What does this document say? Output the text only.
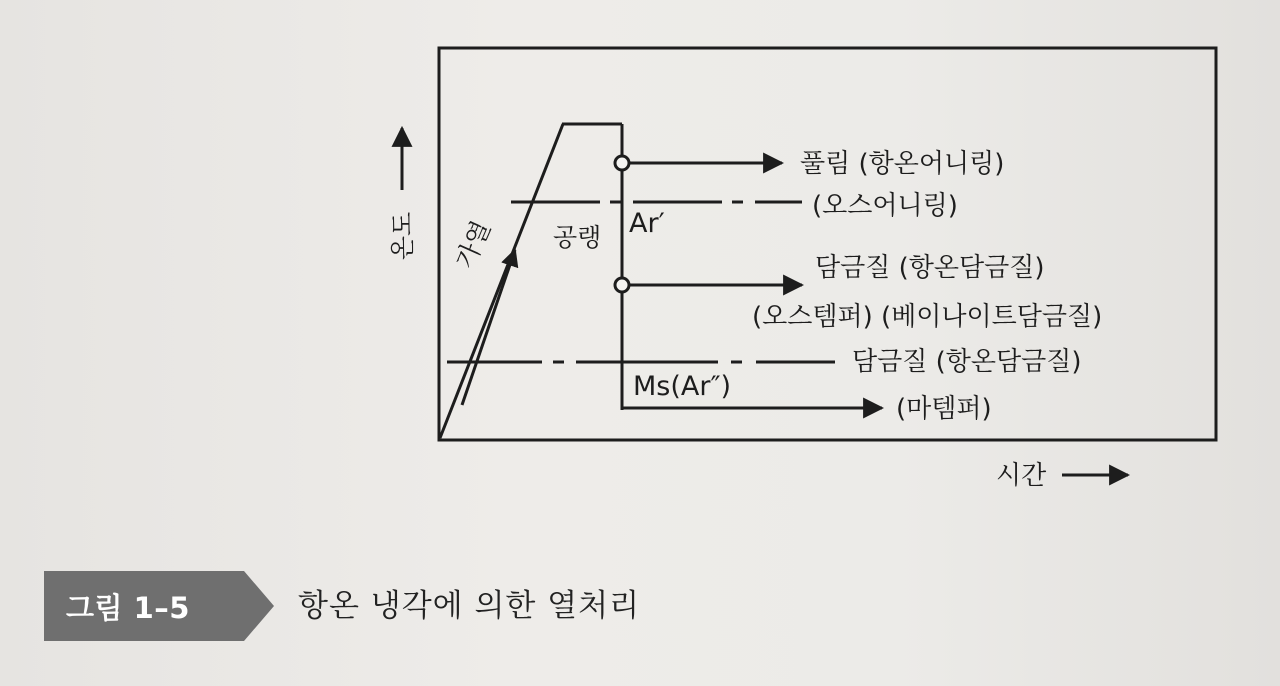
온도
시간
가열 공랭 Ar′
Ms(Ar″)
풀림 (항온어니링)
(오스어니링)
담금질 (항온담금질)
(오스템퍼) (베이나이트담금질)
담금질 (항온담금질)
(마템퍼)
그림 1–5	항온 냉각에 의한 열처리
